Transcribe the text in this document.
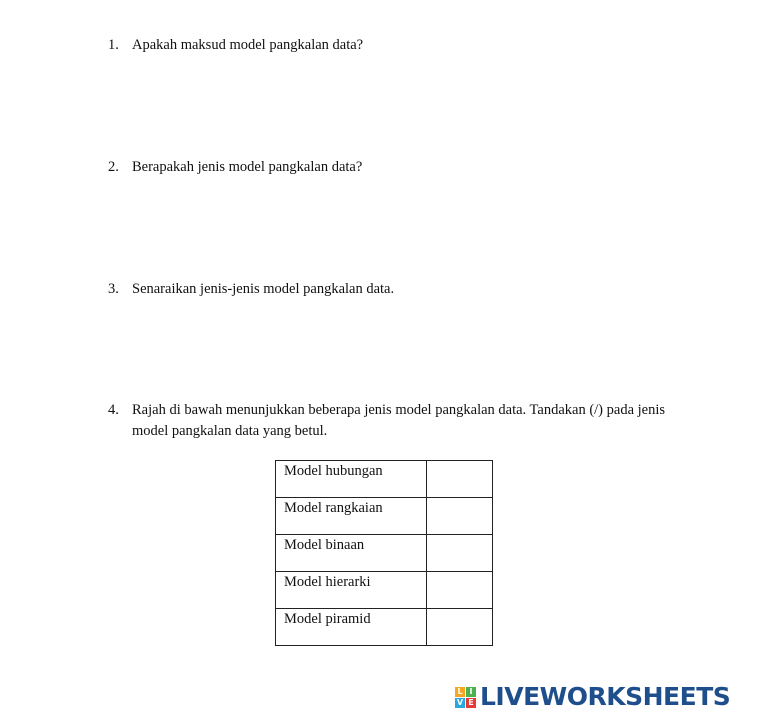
1. Apakah maksud model pangkalan data?
2. Berapakah jenis model pangkalan data?
3. Senaraikan jenis-jenis model pangkalan data.
4. Rajah di bawah menunjukkan beberapa jenis model pangkalan data. Tandakan (/) pada jenis model pangkalan data yang betul.
Model hubungan	
Model rangkaian	
Model binaan	
Model hierarki	
Model piramid	
L I
V E LIVEWORKSHEETS
